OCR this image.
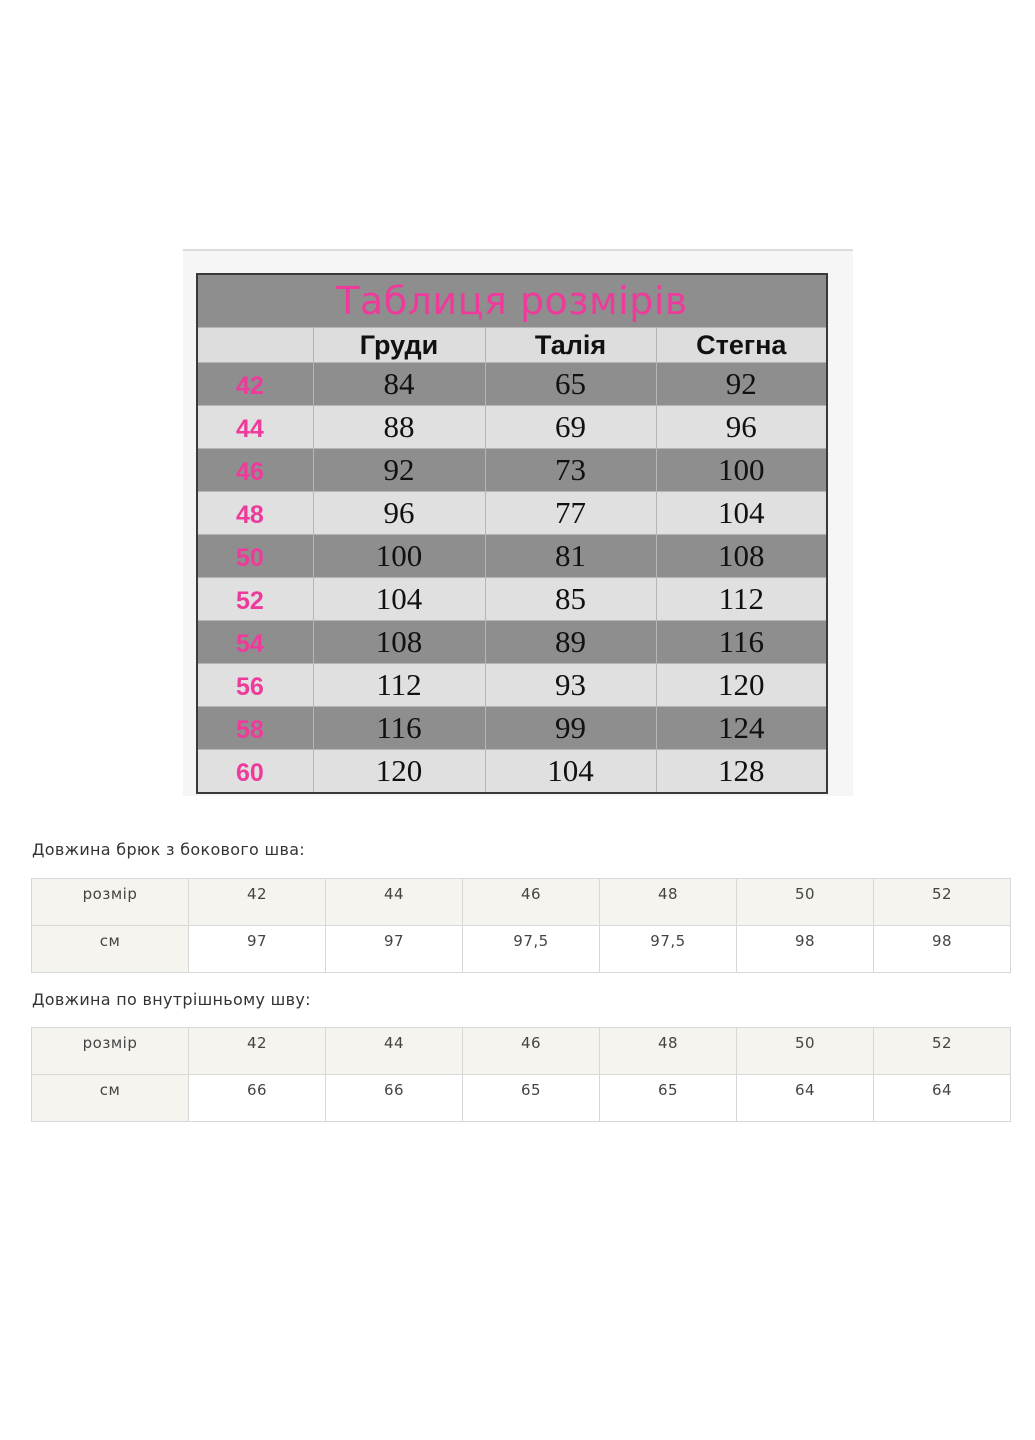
Таблиця розмірів			
	Груди	Талія	Стегна
42	84	65	92
44	88	69	96
46	92	73	100
48	96	77	104
50	100	81	108
52	104	85	112
54	108	89	116
56	112	93	120
58	116	99	124
60	120	104	128
Довжина брюк з бокового шва:
розмір	42	44	46	48	50	52
см	97	97	97,5	97,5	98	98
Довжина по внутрішньому шву:
розмір	42	44	46	48	50	52
см	66	66	65	65	64	64
